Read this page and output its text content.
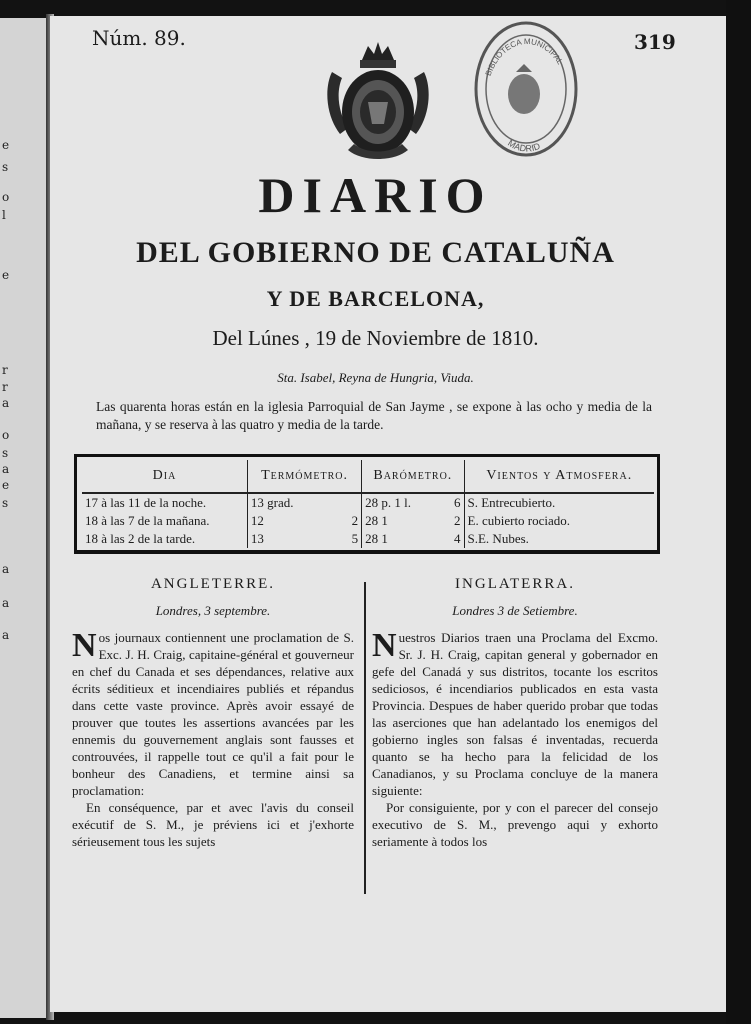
e
s
o
l
e
r
r
a
o
s
a
e
s
a
a
a
Núm. 89.	319
BIBLIOTECA MUNICIPAL
MADRID
DIARIO
DEL GOBIERNO DE CATALUÑA
Y DE BARCELONA,
Del Lúnes , 19 de Noviembre de 1810.
Sta. Isabel, Reyna de Hungria, Viuda.
Las quarenta horas están en la iglesia Parroquial de San Jayme , se expone à las ocho y media de la mañana, y se reserva à las quatro y media de la tarde.
Dia	Termómetro.	Barómetro.	Vientos y Atmosfera.
17 à las 11 de la noche.	13 grad.	28 p. 1 l. 6	S. Entrecubierto.
18 à las 7 de la mañana.	12 2	28 1 2	E. cubierto rociado.
18 à las 2 de la tarde.	13 5	28 1 4	S.E. Nubes.
ANGLETERRE.
Londres, 3 septembre.
Nos journaux contiennent une proclamation de S. Exc. J. H. Craig, capitaine-général et gouverneur en chef du Canada et ses dépendances, relative aux écrits séditieux et incendiaires publiés et répandus dans cette vaste province. Après avoir essayé de prouver que toutes les assertions avancées par les ennemis du gouvernement anglais sont fausses et controuvées, il rappelle tout ce qu'il a fait pour le bonheur des Canadiens, et termine ainsi sa proclamation:
En conséquence, par et avec l'avis du conseil exécutif de S. M., je préviens ici et j'exhorte sérieusement tous les sujets
INGLATERRA.
Londres 3 de Setiembre.
Nuestros Diarios traen una Proclama del Excmo. Sr. J. H. Craig, capitan general y gobernador en gefe del Canadá y sus distritos, tocante los escritos sediciosos, é incendiarios publicados en esta vasta Provincia. Despues de haber querido probar que todas las aserciones que han adelantado los enemigos del gobierno ingles son falsas é inventadas, recuerda quanto se ha hecho para la felicidad de los Canadianos, y su Proclama concluye de la manera siguiente:
Por consiguiente, por y con el parecer del consejo executivo de S. M., prevengo aqui y exhorto seriamente à todos los
